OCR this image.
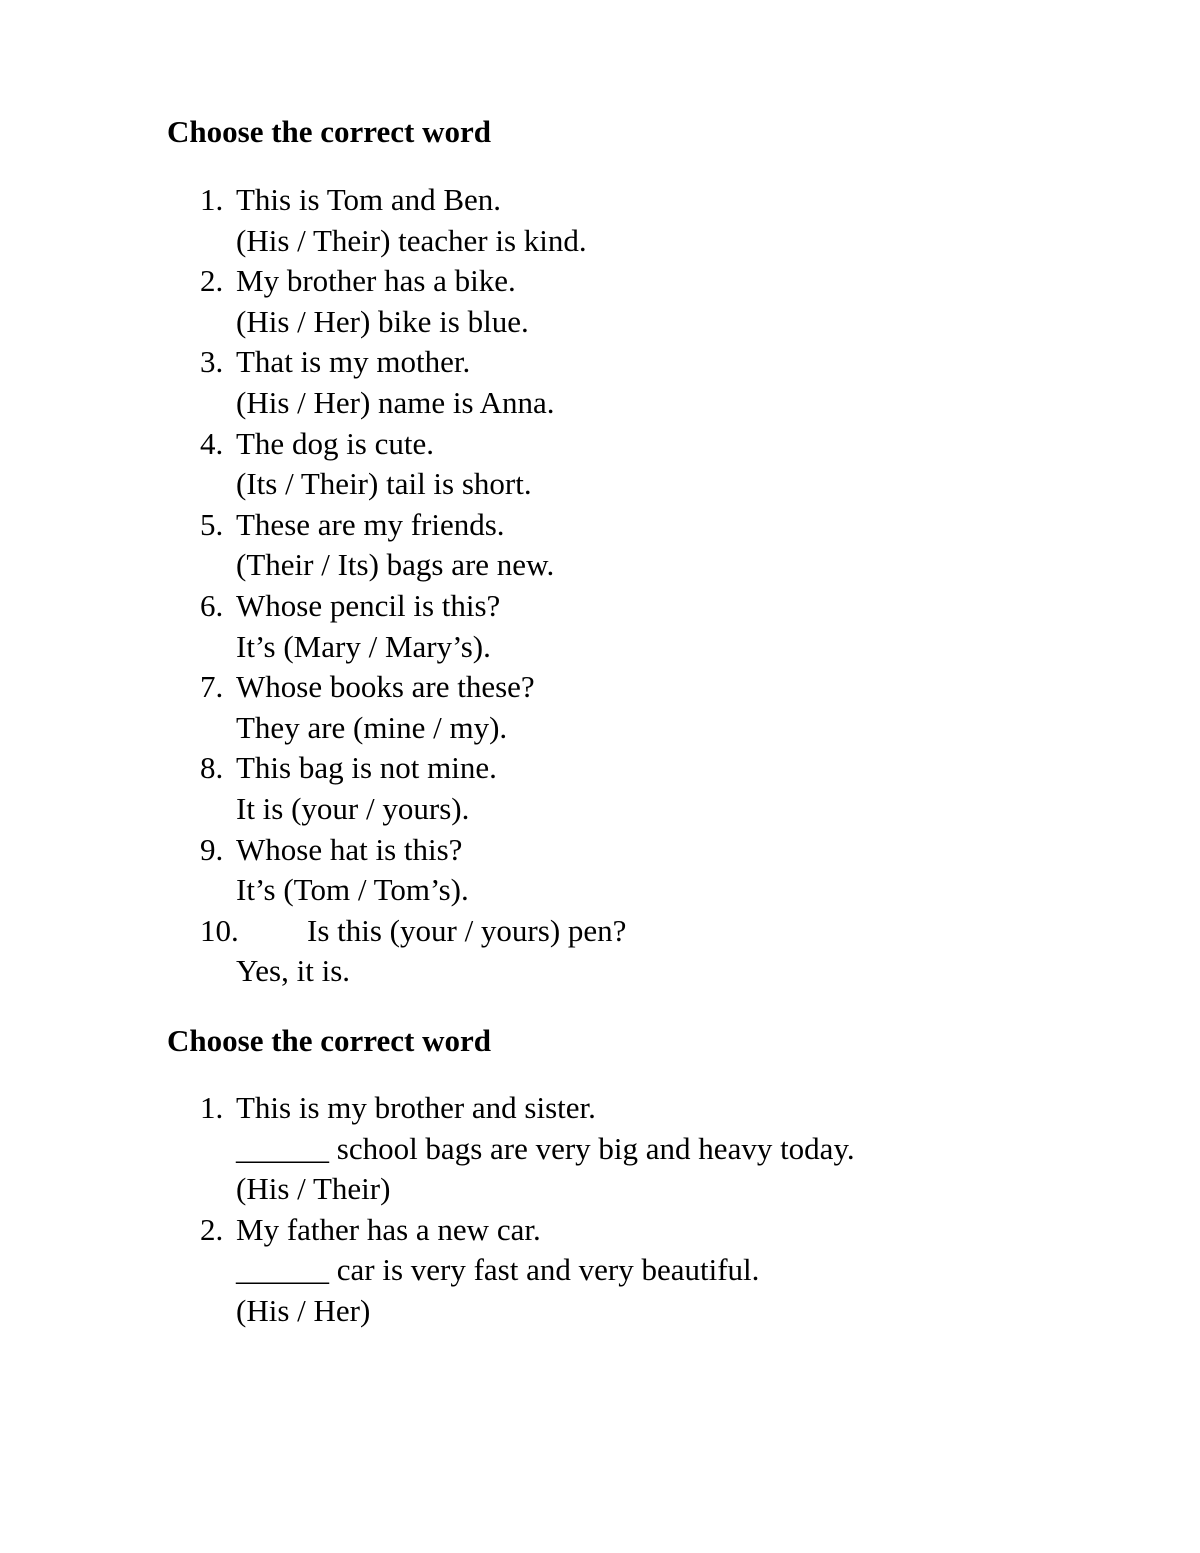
Choose the correct word
1. This is Tom and Ben.
(His / Their) teacher is kind.
2. My brother has a bike.
(His / Her) bike is blue.
3. That is my mother.
(His / Her) name is Anna.
4. The dog is cute.
(Its / Their) tail is short.
5. These are my friends.
(Their / Its) bags are new.
6. Whose pencil is this?
It’s (Mary / Mary’s).
7. Whose books are these?
They are (mine / my).
8. This bag is not mine.
It is (your / yours).
9. Whose hat is this?
It’s (Tom / Tom’s).
10.	Is this (your / yours) pen?
Yes, it is.
Choose the correct word
1. This is my brother and sister.
______ school bags are very big and heavy today.
(His / Their)
2. My father has a new car.
______ car is very fast and very beautiful.
(His / Her)
